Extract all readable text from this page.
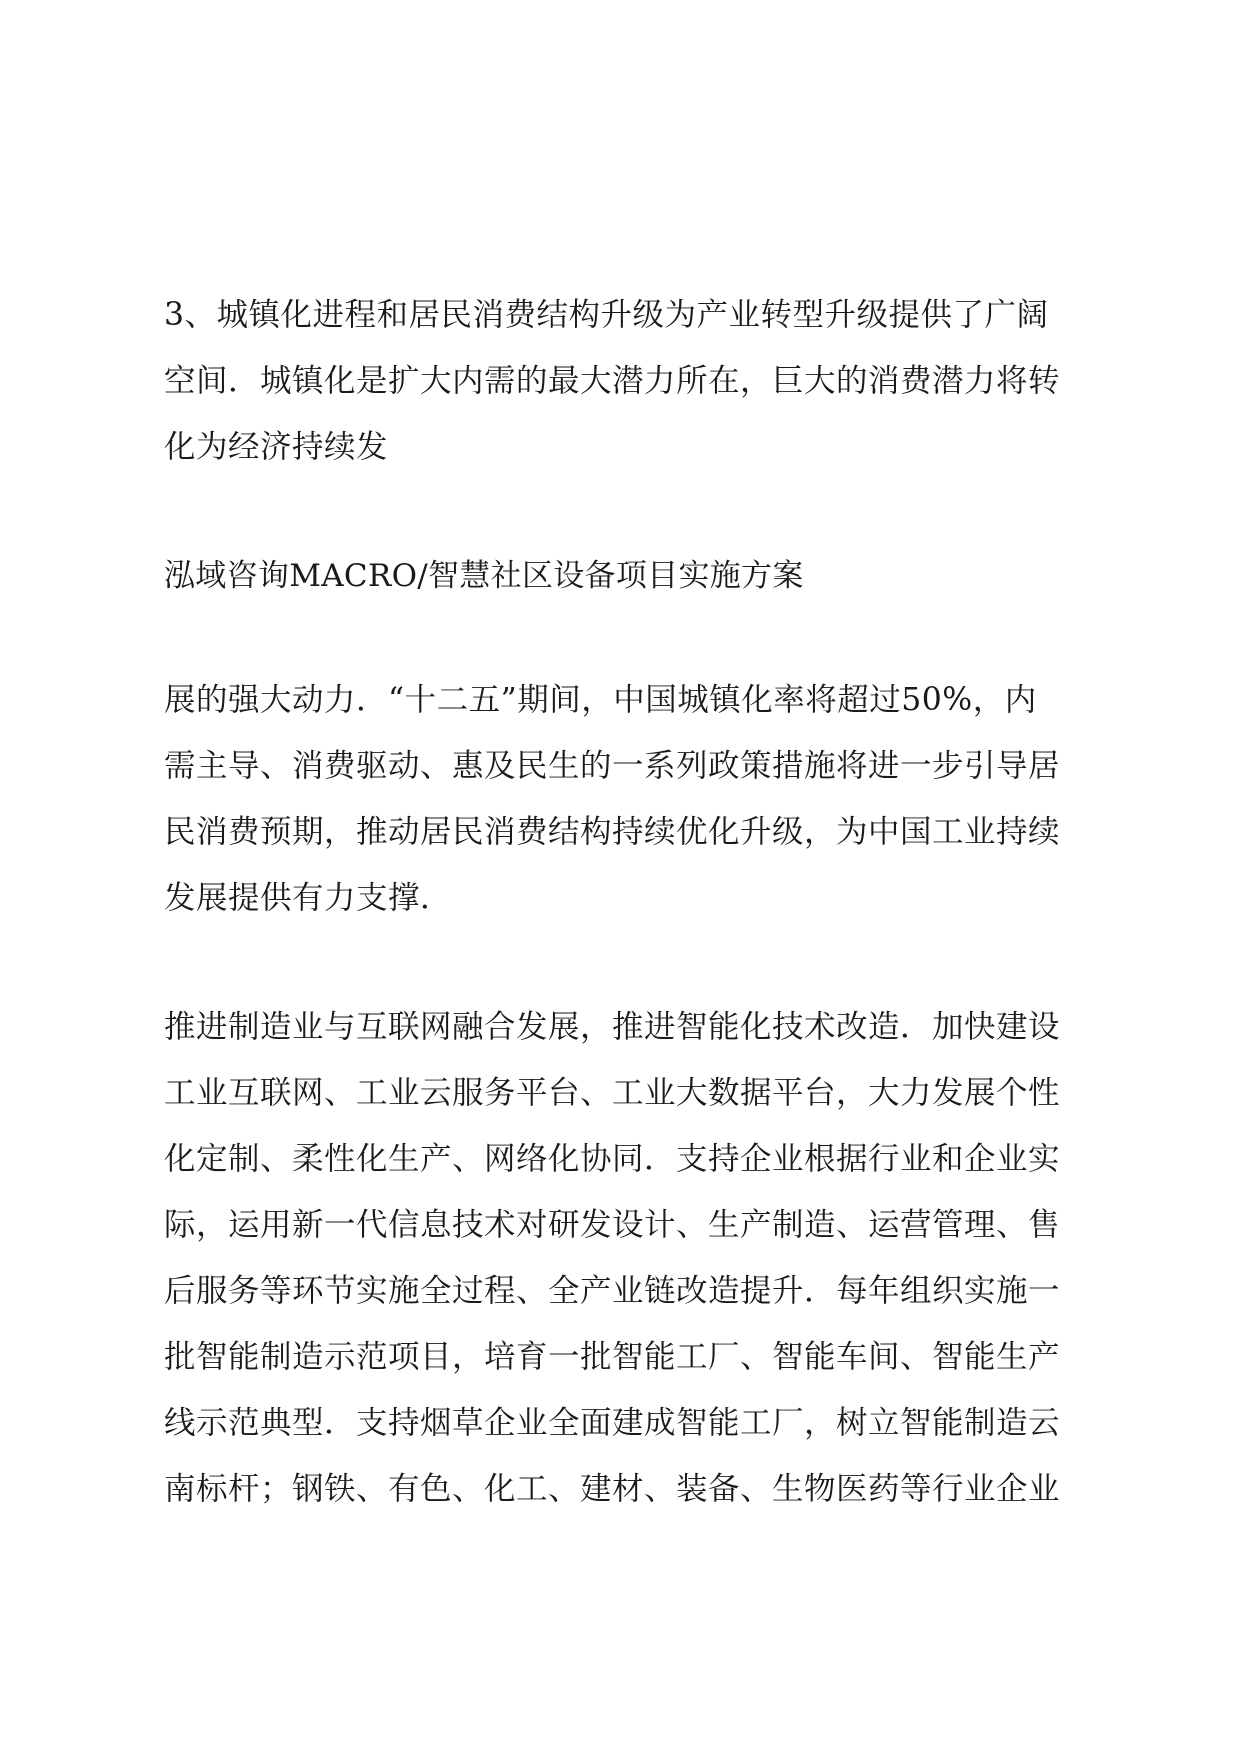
3、城镇化进程和居民消费结构升级为产业转型升级提供了广阔
空间．城镇化是扩大内需的最大潜力所在，巨大的消费潜力将转
化为经济持续发
泓域咨询MACRO/智慧社区设备项目实施方案
展的强大动力．“十二五”期间，中国城镇化率将超过50%，内
需主导、消费驱动、惠及民生的一系列政策措施将进一步引导居
民消费预期，推动居民消费结构持续优化升级，为中国工业持续
发展提供有力支撑．
推进制造业与互联网融合发展，推进智能化技术改造．加快建设
工业互联网、工业云服务平台、工业大数据平台，大力发展个性
化定制、柔性化生产、网络化协同．支持企业根据行业和企业实
际，运用新一代信息技术对研发设计、生产制造、运营管理、售
后服务等环节实施全过程、全产业链改造提升．每年组织实施一
批智能制造示范项目，培育一批智能工厂、智能车间、智能生产
线示范典型．支持烟草企业全面建成智能工厂，树立智能制造云
南标杆；钢铁、有色、化工、建材、装备、生物医药等行业企业
